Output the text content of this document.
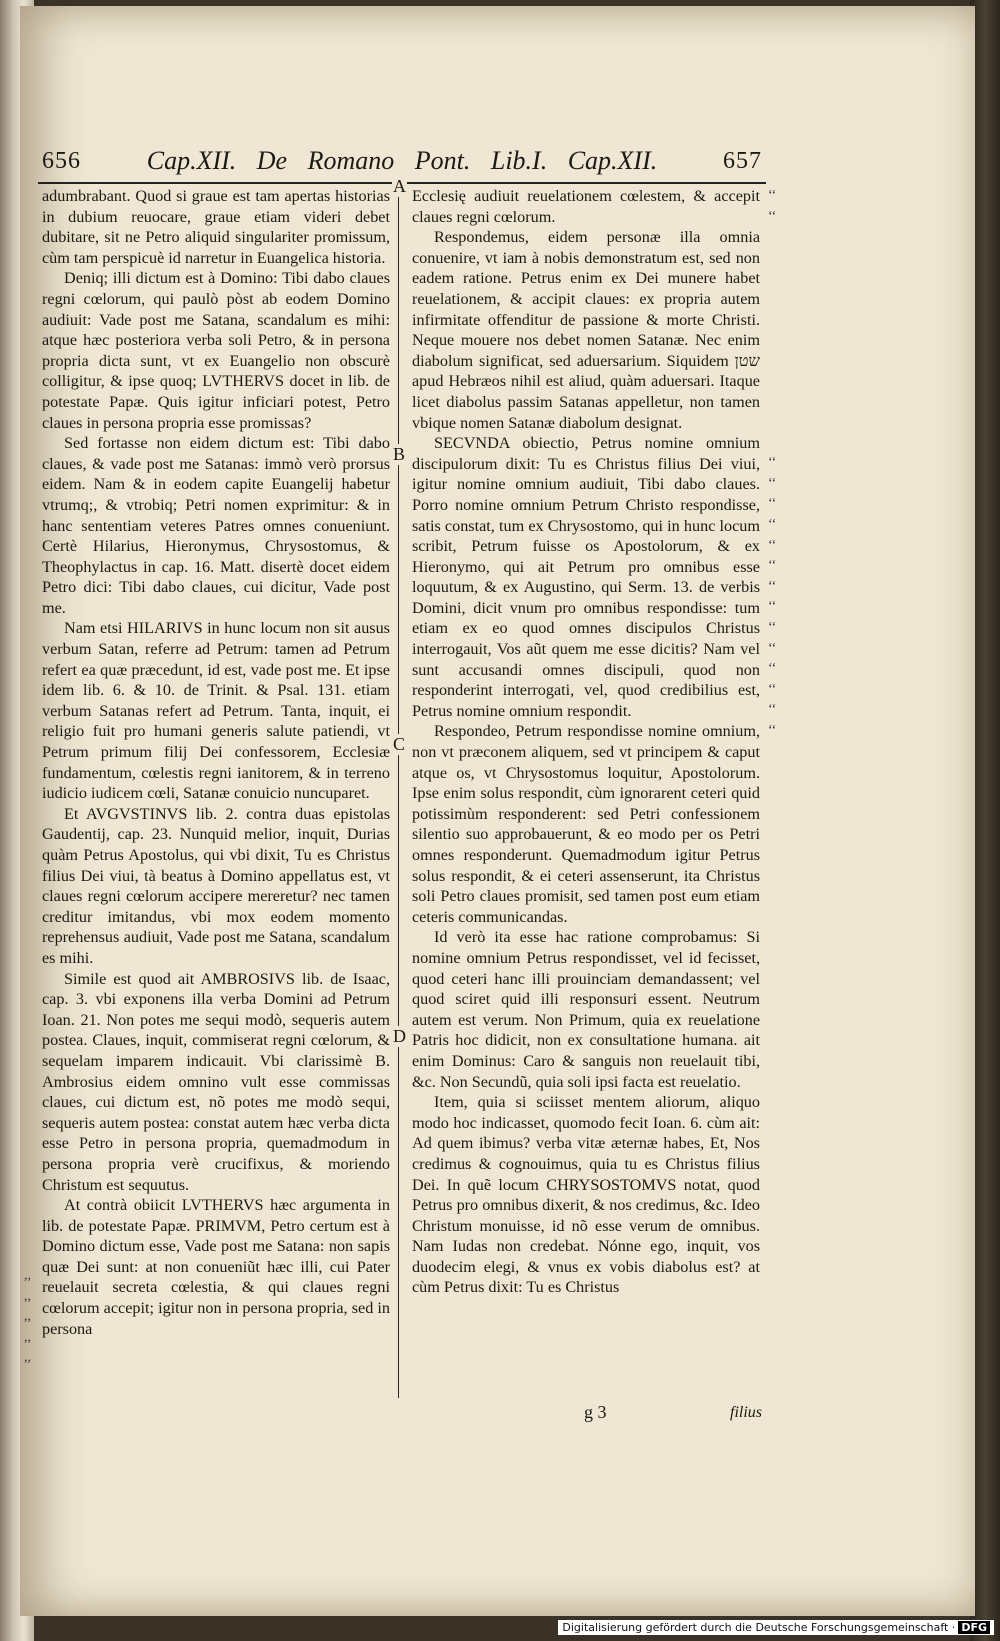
656	Cap.XII. De Romano Pont. Lib.I. Cap.XII.	657

adumbrabant. Quod si graue est tam apertas historias in dubium reuocare, graue etiam videri debet dubitare, sit ne Petro aliquid singulariter promissum, cùm tam perspicuè id narretur in Euangelica historia.

Deniq; illi dictum est à Domino: Tibi dabo claues regni cœlorum, qui paulò pòst ab eodem Domino audiuit: Vade post me Satana, scandalum es mihi: atque hæc posteriora verba soli Petro, & in persona propria dicta sunt, vt ex Euangelio non obscurè colligitur, & ipse quoq; LVTHERVS docet in lib. de potestate Papæ. Quis igitur inficiari potest, Petro claues in persona propria esse promissas?

Sed fortasse non eidem dictum est: Tibi dabo claues, & vade post me Satanas: immò verò prorsus eidem. Nam & in eodem capite Euangelij habetur vtrumq;, & vtrobiq; Petri nomen exprimitur: & in hanc sententiam veteres Patres omnes conueniunt. Certè Hilarius, Hieronymus, Chrysostomus, & Theophylactus in cap. 16. Matt. disertè docet eidem Petro dici: Tibi dabo claues, cui dicitur, Vade post me.

Nam etsi HILARIVS in hunc locum non sit ausus verbum Satan, referre ad Petrum: tamen ad Petrum refert ea quæ præcedunt, id est, vade post me. Et ipse idem lib. 6. & 10. de Trinit. & Psal. 131. etiam verbum Satanas refert ad Petrum. Tanta, inquit, ei religio fuit pro humani generis salute patiendi, vt Petrum primum filij Dei confessorem, Ecclesiæ fundamentum, cœlestis regni ianitorem, & in terreno iudicio iudicem cœli, Satanæ conuicio nuncuparet.

Et AVGVSTINVS lib. 2. contra duas epistolas Gaudentij, cap. 23. Nunquid melior, inquit, Durias quàm Petrus Apostolus, qui vbi dixit, Tu es Christus filius Dei viui, tà beatus à Domino appellatus est, vt claues regni cœlorum accipere mereretur? nec tamen creditur imitandus, vbi mox eodem momento reprehensus audiuit, Vade post me Satana, scandalum es mihi.

Simile est quod ait AMBROSIVS lib. de Isaac, cap. 3. vbi exponens illa verba Domini ad Petrum Ioan. 21. Non potes me sequi modò, sequeris autem postea. Claues, inquit, commiserat regni cœlorum, & sequelam imparem indicauit. Vbi clarissimè B. Ambrosius eidem omnino vult esse commissas claues, cui dictum est, nõ potes me modò sequi, sequeris autem postea: constat autem hæc verba dicta esse Petro in persona propria, quemadmodum in persona propria verè crucifixus, & moriendo Christum est sequutus.

At contrà obiicit LVTHERVS hæc argumenta in lib. de potestate Papæ. PRIMVM, Petro certum est à Domino dictum esse, Vade post me Satana: non sapis quæ Dei sunt: at non conueniũt hæc illi, cui Pater reuelauit secreta cœlestia, & qui claues regni cœlorum accepit; igitur non in persona propria, sed in persona

A
B
C
D

Ecclesię audiuit reuelationem cœlestem, & accepit claues regni cœlorum.

Respondemus, eidem personæ illa omnia conuenire, vt iam à nobis demonstratum est, sed non eadem ratione. Petrus enim ex Dei munere habet reuelationem, & accipit claues: ex propria autem infirmitate offenditur de passione & morte Christi. Neque mouere nos debet nomen Satanæ. Nec enim diabolum significat, sed aduersarium. Siquidem שטן apud Hebræos nihil est aliud, quàm aduersari. Itaque licet diabolus passim Satanas appelletur, non tamen vbique nomen Satanæ diabolum designat.

SECVNDA obiectio, Petrus nomine omnium discipulorum dixit: Tu es Christus filius Dei viui, igitur nomine omnium audiuit, Tibi dabo claues. Porro nomine omnium Petrum Christo respondisse, satis constat, tum ex Chrysostomo, qui in hunc locum scribit, Petrum fuisse os Apostolorum, & ex Hieronymo, qui ait Petrum pro omnibus esse loquutum, & ex Augustino, qui Serm. 13. de verbis Domini, dicit vnum pro omnibus respondisse: tum etiam ex eo quod omnes discipulos Christus interrogauit, Vos aũt quem me esse dicitis? Nam vel sunt accusandi omnes discipuli, quod non responderint interrogati, vel, quod credibilius est, Petrus nomine omnium respondit.

Respondeo, Petrum respondisse nomine omnium, non vt præconem aliquem, sed vt principem & caput atque os, vt Chrysostomus loquitur, Apostolorum. Ipse enim solus respondit, cùm ignorarent ceteri quid potissimùm responderent: sed Petri confessionem silentio suo approbauerunt, & eo modo per os Petri omnes responderunt. Quemadmodum igitur Petrus solus respondit, & ei ceteri assenserunt, ita Christus soli Petro claues promisit, sed tamen post eum etiam ceteris communicandas.

Id verò ita esse hac ratione comprobamus: Si nomine omnium Petrus respondisset, vel id fecisset, quod ceteri hanc illi prouinciam demandassent; vel quod sciret quid illi responsuri essent. Neutrum autem est verum. Non Primum, quia ex reuelatione Patris hoc didicit, non ex consultatione humana. ait enim Dominus: Caro & sanguis non reuelauit tibi, &c. Non Secundũ, quia soli ipsi facta est reuelatio.

Item, quia si sciisset mentem aliorum, aliquo modo hoc indicasset, quomodo fecit Ioan. 6. cùm ait: Ad quem ibimus? verba vitæ æternæ habes, Et, Nos credimus & cognouimus, quia tu es Christus filius Dei. In quẽ locum CHRYSOSTOMVS notat, quod Petrus pro omnibus dixerit, & nos credimus, &c. Ideo Christum monuisse, id nõ esse verum de omnibus. Nam Iudas non credebat. Nónne ego, inquit, vos duodecim elegi, & vnus ex vobis diabolus est? at cùm Petrus dixit: Tu es Christus

‘‘
‘‘
‘‘
‘‘
‘‘
‘‘
‘‘
‘‘
‘‘
‘‘
‘‘
‘‘
‘‘
‘‘
‘‘
‘‘
,,
,,
,,
,,
,,
g 3	filius
Digitalisierung gefördert durch die Deutsche Forschungsgemeinschaft · DFG
